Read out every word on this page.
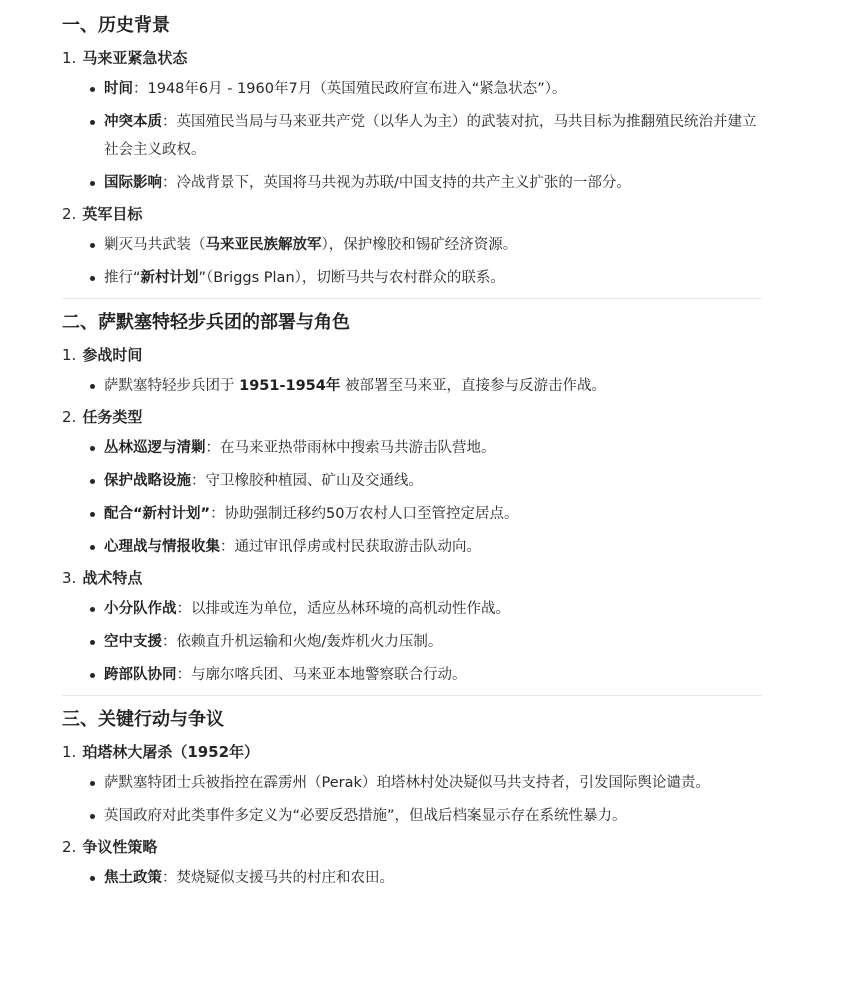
一、历史背景
1. 马来亚紧急状态
时间：1948年6月 - 1960年7月（英国殖民政府宣布进入“紧急状态”）。
冲突本质：英国殖民当局与马来亚共产党（以华人为主）的武装对抗，马共目标为推翻殖民统治并建立社会主义政权。
国际影响：冷战背景下，英国将马共视为苏联/中国支持的共产主义扩张的一部分。
2. 英军目标
剿灭马共武装（马来亚民族解放军），保护橡胶和锡矿经济资源。
推行“新村计划”（Briggs Plan），切断马共与农村群众的联系。
二、萨默塞特轻步兵团的部署与角色
1. 参战时间
萨默塞特轻步兵团于 1951-1954年 被部署至马来亚，直接参与反游击作战。
2. 任务类型
丛林巡逻与清剿：在马来亚热带雨林中搜索马共游击队营地。
保护战略设施：守卫橡胶种植园、矿山及交通线。
配合“新村计划”：协助强制迁移约50万农村人口至管控定居点。
心理战与情报收集：通过审讯俘虏或村民获取游击队动向。
3. 战术特点
小分队作战：以排或连为单位，适应丛林环境的高机动性作战。
空中支援：依赖直升机运输和火炮/轰炸机火力压制。
跨部队协同：与廓尔喀兵团、马来亚本地警察联合行动。
三、关键行动与争议
1. 珀塔林大屠杀（1952年）
萨默塞特团士兵被指控在霹雳州（Perak）珀塔林村处决疑似马共支持者，引发国际舆论谴责。
英国政府对此类事件多定义为“必要反恐措施”，但战后档案显示存在系统性暴力。
2. 争议性策略
焦土政策：焚烧疑似支援马共的村庄和农田。
